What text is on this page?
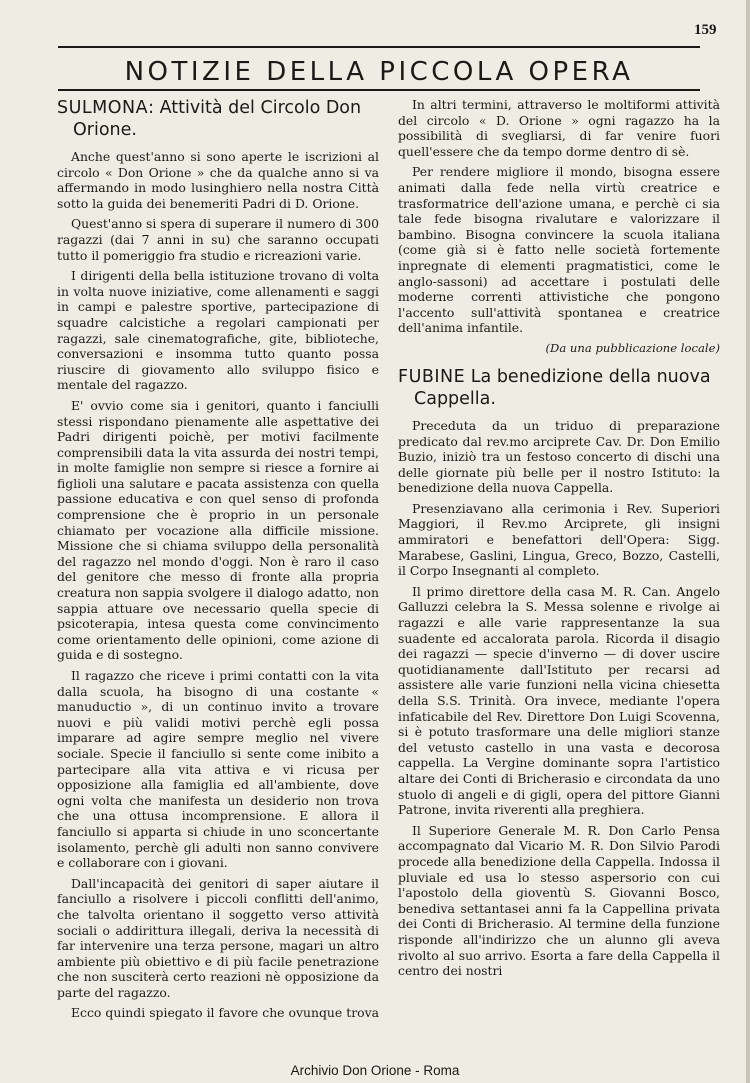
159
NOTIZIE DELLA PICCOLA OPERA
SULMONA: Attività del Circolo Don Orione.

Anche quest'anno si sono aperte le iscrizioni al circolo « Don Orione » che da qualche anno si va affermando in modo lusinghiero nella nostra Città sotto la guida dei benemeriti Padri di D. Orione.

Quest'anno si spera di superare il numero di 300 ragazzi (dai 7 anni in su) che saranno occupati tutto il pomeriggio fra studio e ricreazioni varie.

I dirigenti della bella istituzione trovano di volta in volta nuove iniziative, come allenamenti e saggi in campi e palestre sportive, partecipazione di squadre calcistiche a regolari campionati per ragazzi, sale cinematografiche, gite, biblioteche, conversazioni e insomma tutto quanto possa riuscire di giovamento allo sviluppo fisico e mentale del ragazzo.

E' ovvio come sia i genitori, quanto i fanciulli stessi rispondano pienamente alle aspettative dei Padri dirigenti poichè, per motivi facilmente comprensibili data la vita assurda dei nostri tempi, in molte famiglie non sempre si riesce a fornire ai figlioli una salutare e pacata assistenza con quella passione educativa e con quel senso di profonda comprensione che è proprio in un personale chiamato per vocazione alla difficile missione. Missione che si chiama sviluppo della personalità del ragazzo nel mondo d'oggi. Non è raro il caso del genitore che messo di fronte alla propria creatura non sappia svolgere il dialogo adatto, non sappia attuare ove necessario quella specie di psicoterapia, intesa questa come convincimento come orientamento delle opinioni, come azione di guida e di sostegno.

Il ragazzo che riceve i primi contatti con la vita dalla scuola, ha bisogno di una costante « manuductio », di un continuo invito a trovare nuovi e più validi motivi perchè egli possa imparare ad agire sempre meglio nel vivere sociale. Specie il fanciullo si sente come inibito a partecipare alla vita attiva e vi ricusa per opposizione alla famiglia ed all'ambiente, dove ogni volta che manifesta un desiderio non trova che una ottusa incomprensione. E allora il fanciullo si apparta si chiude in uno sconcertante isolamento, perchè gli adulti non sanno convivere e collaborare con i giovani.

Dall'incapacità dei genitori di saper aiutare il fanciullo a risolvere i piccoli conflitti dell'animo, che talvolta orientano il soggetto verso attività sociali o addirittura illegali, deriva la necessità di far intervenire una terza persone, magari un altro ambiente più obiettivo e di più facile penetrazione che non susciterà certo reazioni nè opposizione da parte del ragazzo.

Ecco quindi spiegato il favore che ovunque trova

In altri termini, attraverso le moltiformi attività del circolo « D. Orione » ogni ragazzo ha la possibilità di svegliarsi, di far venire fuori quell'essere che da tempo dorme dentro di sè.

Per rendere migliore il mondo, bisogna essere animati dalla fede nella virtù creatrice e trasformatrice dell'azione umana, e perchè ci sia tale fede bisogna rivalutare e valorizzare il bambino. Bisogna convincere la scuola italiana (come già si è fatto nelle società fortemente inpregnate di elementi pragmatistici, come le anglo-sassoni) ad accettare i postulati delle moderne correnti attivistiche che pongono l'accento sull'attività spontanea e creatrice dell'anima infantile.

(Da una pubblicazione locale)
FUBINE La benedizione della nuova Cappella.

Preceduta da un triduo di preparazione predicato dal rev.mo arciprete Cav. Dr. Don Emilio Buzio, iniziò tra un festoso concerto di dischi una delle giornate più belle per il nostro Istituto: la benedizione della nuova Cappella.

Presenziavano alla cerimonia i Rev. Superiori Maggiori, il Rev.mo Arciprete, gli insigni ammiratori e benefattori dell'Opera: Sigg. Marabese, Gaslini, Lingua, Greco, Bozzo, Castelli, il Corpo Insegnanti al completo.

Il primo direttore della casa M. R. Can. Angelo Galluzzi celebra la S. Messa solenne e rivolge ai ragazzi e alle varie rappresentanze la sua suadente ed accalorata parola. Ricorda il disagio dei ragazzi — specie d'inverno — di dover uscire quotidianamente dall'Istituto per recarsi ad assistere alle varie funzioni nella vicina chiesetta della S.S. Trinità. Ora invece, mediante l'opera infaticabile del Rev. Direttore Don Luigi Scovenna, si è potuto trasformare una delle migliori stanze del vetusto castello in una vasta e decorosa cappella. La Vergine dominante sopra l'artistico altare dei Conti di Bricherasio e circondata da uno stuolo di angeli e di gigli, opera del pittore Gianni Patrone, invita riverenti alla preghiera.

Il Superiore Generale M. R. Don Carlo Pensa accompagnato dal Vicario M. R. Don Silvio Parodi procede alla benedizione della Cappella. Indossa il pluviale ed usa lo stesso aspersorio con cui l'apostolo della gioventù S. Giovanni Bosco, benediva settantasei anni fa la Cappellina privata dei Conti di Bricherasio. Al termine della funzione risponde all'indirizzo che un alunno gli aveva rivolto al suo arrivo. Esorta a fare della Cappella il centro dei nostri

Archivio Don Orione - Roma
